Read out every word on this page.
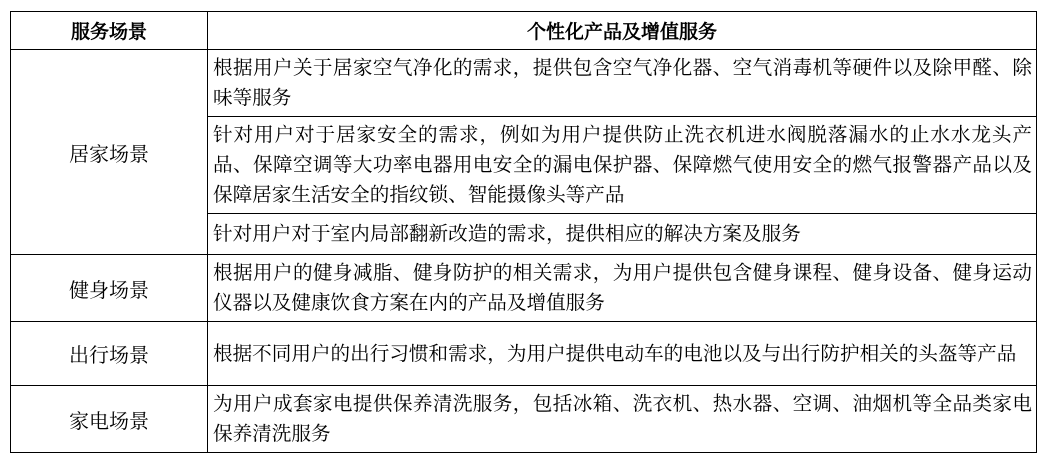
服务场景	个性化产品及增值服务
居家场景	根据用户关于居家空气净化的需求，提供包含空气净化器、空气消毒机等硬件以及除甲醛、除味等服务
	针对用户对于居家安全的需求，例如为用户提供防止洗衣机进水阀脱落漏水的止水水龙头产品、保障空调等大功率电器用电安全的漏电保护器、保障燃气使用安全的燃气报警器产品以及保障居家生活安全的指纹锁、智能摄像头等产品
	针对用户对于室内局部翻新改造的需求，提供相应的解决方案及服务
健身场景	根据用户的健身减脂、健身防护的相关需求，为用户提供包含健身课程、健身设备、健身运动仪器以及健康饮食方案在内的产品及增值服务
出行场景	根据不同用户的出行习惯和需求，为用户提供电动车的电池以及与出行防护相关的头盔等产品
家电场景	为用户成套家电提供保养清洗服务，包括冰箱、洗衣机、热水器、空调、油烟机等全品类家电保养清洗服务
